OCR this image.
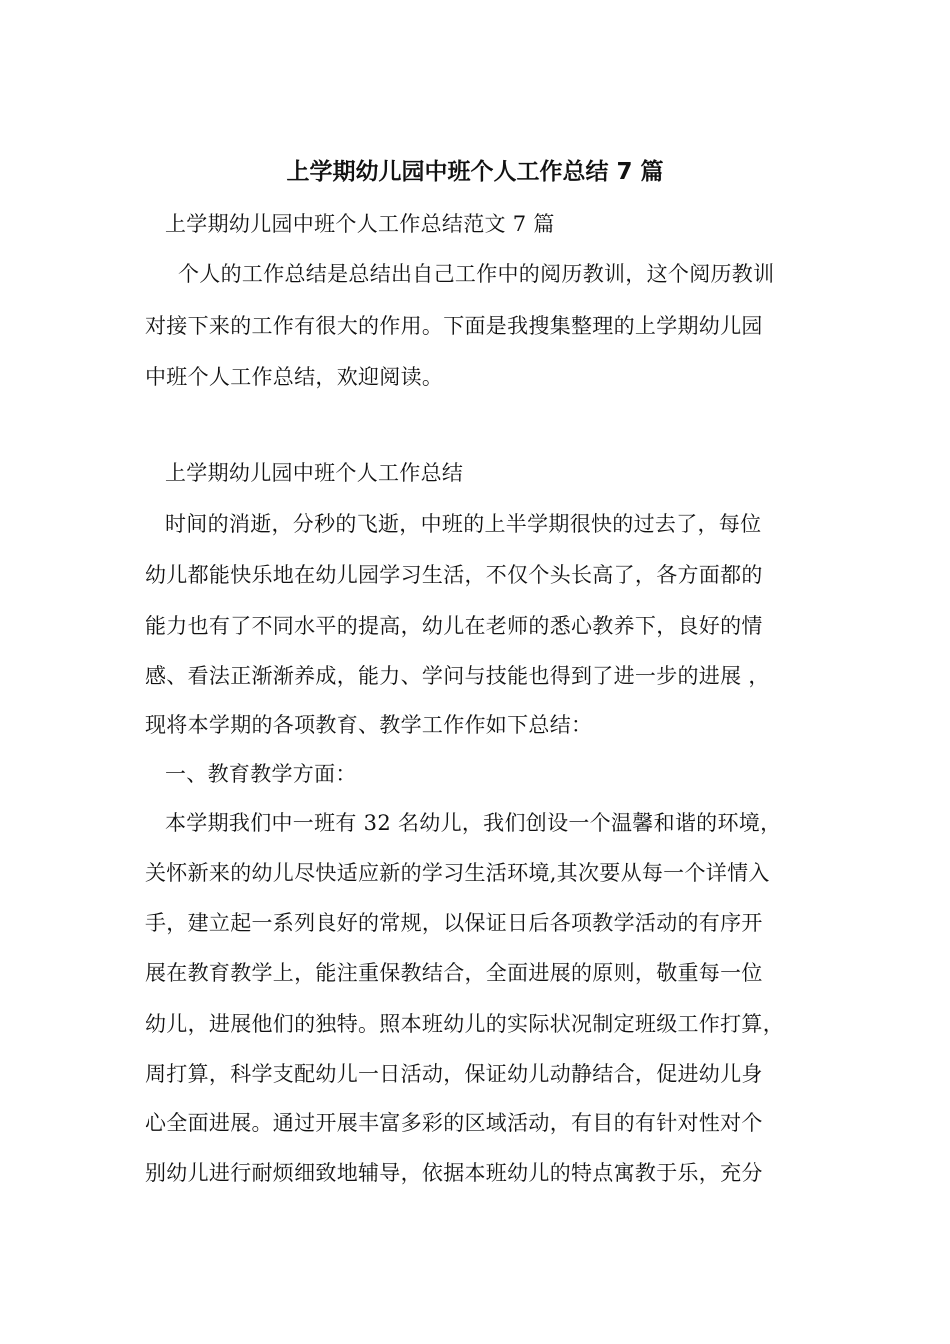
上学期幼儿园中班个人工作总结 7 篇
上学期幼儿园中班个人工作总结范文 7 篇
个人的工作总结是总结出自己工作中的阅历教训，这个阅历教训
对接下来的工作有很大的作用。下面是我搜集整理的上学期幼儿园
中班个人工作总结，欢迎阅读。
上学期幼儿园中班个人工作总结
时间的消逝，分秒的飞逝，中班的上半学期很快的过去了，每位
幼儿都能快乐地在幼儿园学习生活，不仅个头长高了，各方面都的
能力也有了不同水平的提高，幼儿在老师的悉心教养下，良好的情
感、看法正渐渐养成，能力、学问与技能也得到了进一步的进展 ，
现将本学期的各项教育、教学工作作如下总结：
一、教育教学方面：
本学期我们中一班有 32 名幼儿，我们创设一个温馨和谐的环境，
关怀新来的幼儿尽快适应新的学习生活环境,其次要从每一个详情入
手，建立起一系列良好的常规，以保证日后各项教学活动的有序开
展在教育教学上，能注重保教结合，全面进展的原则，敬重每一位
幼儿，进展他们的独特。照本班幼儿的实际状况制定班级工作打算，
周打算，科学支配幼儿一日活动，保证幼儿动静结合，促进幼儿身
心全面进展。通过开展丰富多彩的区域活动，有目的有针对性对个
别幼儿进行耐烦细致地辅导，依据本班幼儿的特点寓教于乐，充分
